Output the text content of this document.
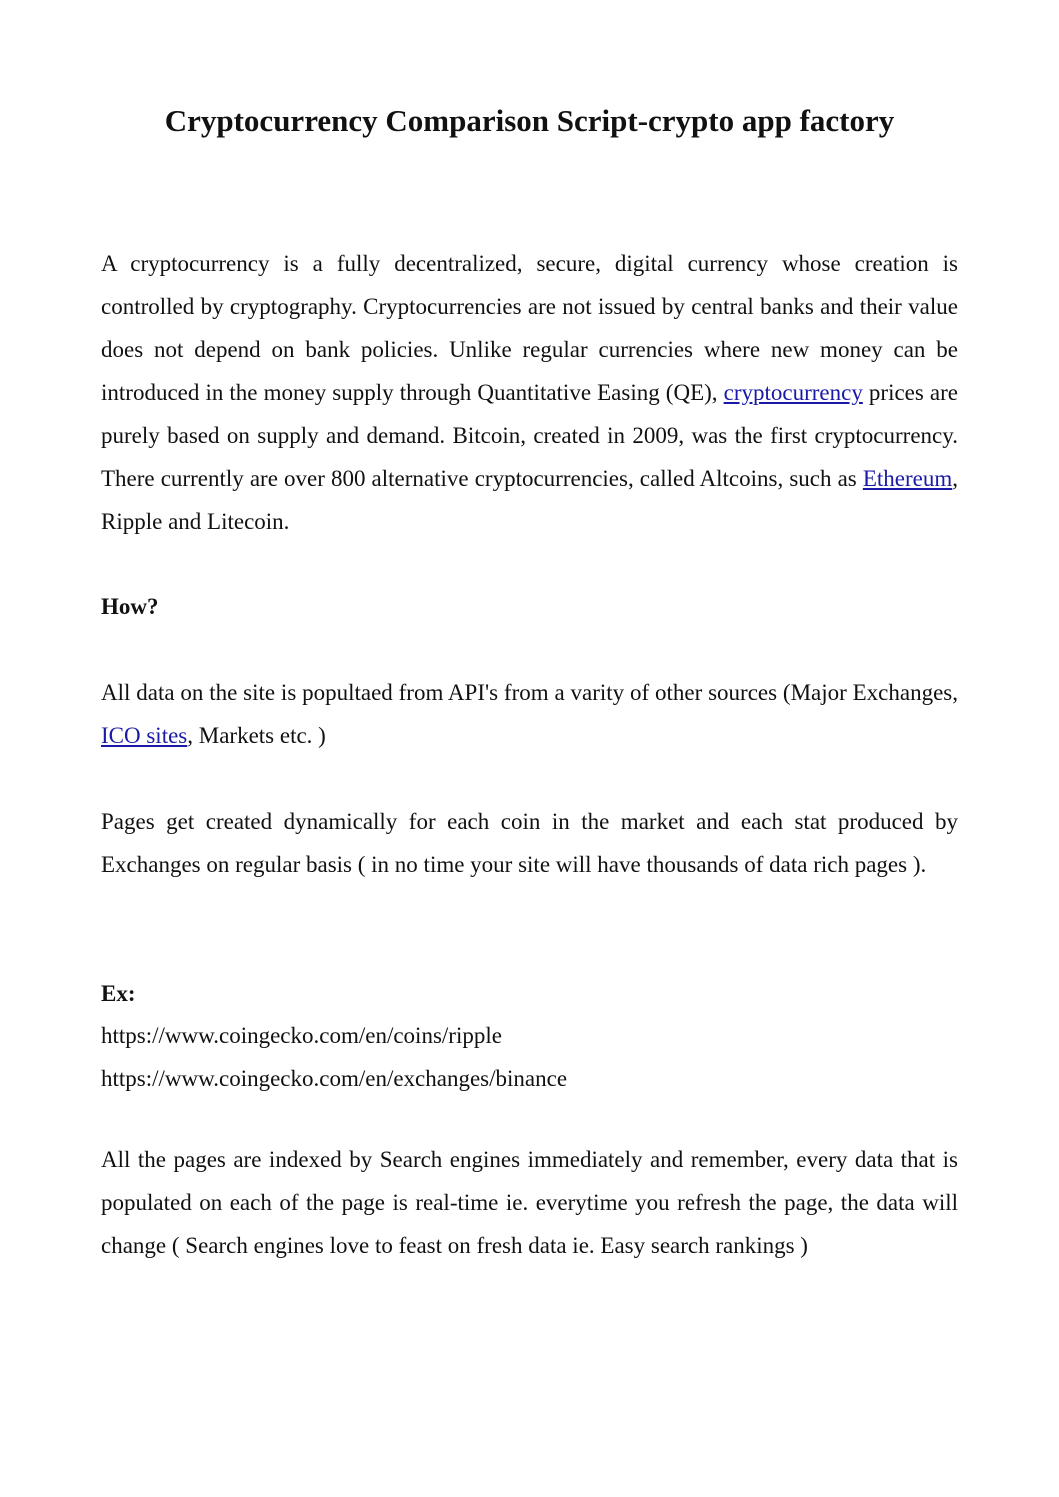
Cryptocurrency Comparison Script-crypto app factory

A cryptocurrency is a fully decentralized, secure, digital currency whose creation is controlled by cryptography. Cryptocurrencies are not issued by central banks and their value does not depend on bank policies. Unlike regular currencies where new money can be introduced in the money supply through Quantitative Easing (QE), cryptocurrency prices are purely based on supply and demand. Bitcoin, created in 2009, was the first cryptocurrency. There currently are over 800 alternative cryptocurrencies, called Altcoins, such as Ethereum, Ripple and Litecoin.

How?

All data on the site is popultaed from API's from a varity of other sources (Major Exchanges, ICO sites, Markets etc. )

Pages get created dynamically for each coin in the market and each stat produced by Exchanges on regular basis ( in no time your site will have thousands of data rich pages ).

Ex:
https://www.coingecko.com/en/coins/ripple
https://www.coingecko.com/en/exchanges/binance

All the pages are indexed by Search engines immediately and remember, every data that is populated on each of the page is real-time ie. everytime you refresh the page, the data will change ( Search engines love to feast on fresh data ie. Easy search rankings )
